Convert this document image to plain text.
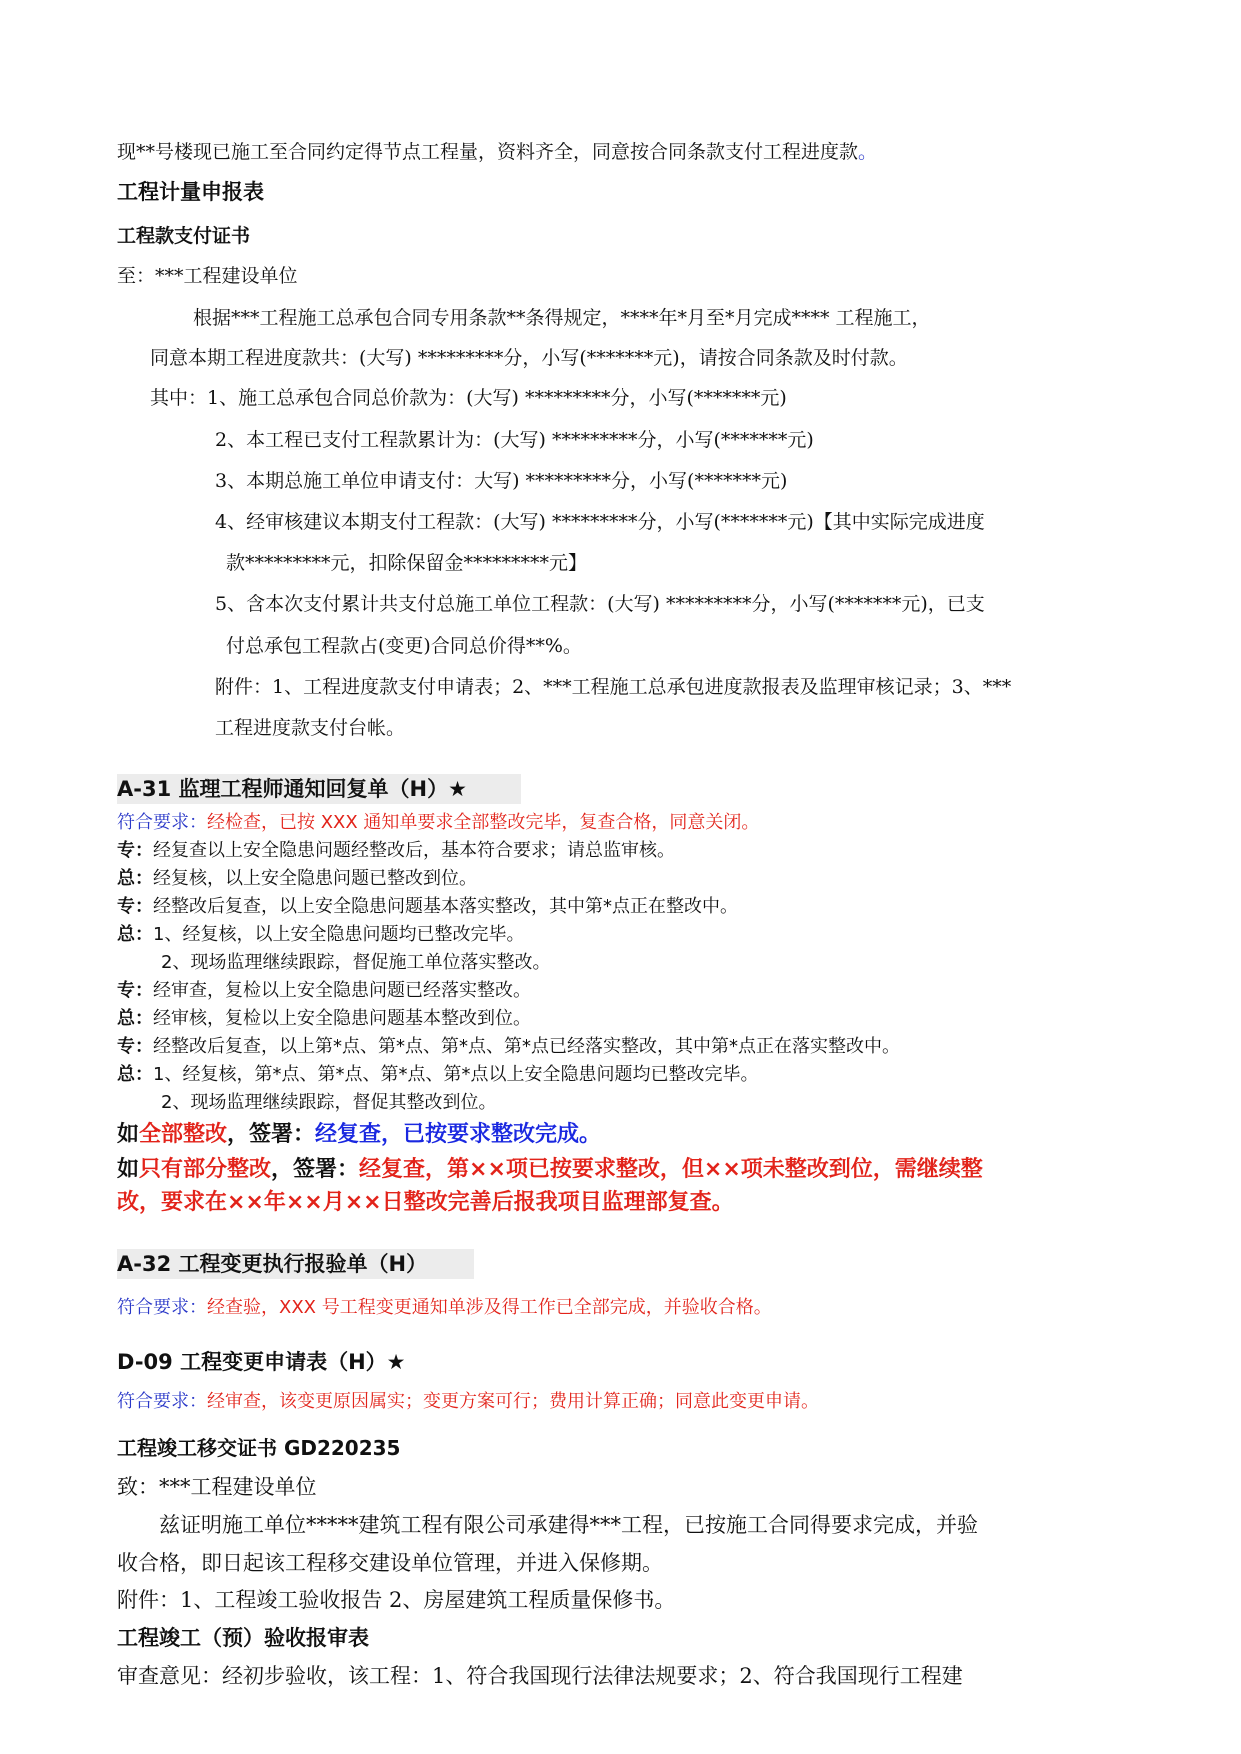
现**号楼现已施工至合同约定得节点工程量，资料齐全，同意按合同条款支付工程进度款。
工程计量申报表
工程款支付证书
至：***工程建设单位
根据***工程施工总承包合同专用条款**条得规定，****年*月至*月完成**** 工程施工，
同意本期工程进度款共：(大写) *********分，小写(*******元)，请按合同条款及时付款。
其中：1、施工总承包合同总价款为：(大写) *********分，小写(*******元)
2、本工程已支付工程款累计为：(大写) *********分，小写(*******元)
3、本期总施工单位申请支付：大写) *********分，小写(*******元)
4、经审核建议本期支付工程款：(大写) *********分，小写(*******元)【其中实际完成进度
款*********元，扣除保留金*********元】
5、含本次支付累计共支付总施工单位工程款：(大写) *********分，小写(*******元)，已支
付总承包工程款占(变更)合同总价得**%。
附件：1、工程进度款支付申请表；2、***工程施工总承包进度款报表及监理审核记录；3、***
工程进度款支付台帐。
A-31 监理工程师通知回复单（H）★
符合要求：经检查，已按 XXX 通知单要求全部整改完毕，复查合格，同意关闭。
专：经复查以上安全隐患问题经整改后，基本符合要求；请总监审核。
总：经复核，以上安全隐患问题已整改到位。
专：经整改后复查，以上安全隐患问题基本落实整改，其中第*点正在整改中。
总：1、经复核，以上安全隐患问题均已整改完毕。
2、现场监理继续跟踪，督促施工单位落实整改。
专：经审查，复检以上安全隐患问题已经落实整改。
总：经审核，复检以上安全隐患问题基本整改到位。
专：经整改后复查，以上第*点、第*点、第*点、第*点已经落实整改，其中第*点正在落实整改中。
总：1、经复核，第*点、第*点、第*点、第*点以上安全隐患问题均已整改完毕。
2、现场监理继续跟踪，督促其整改到位。
如全部整改，签署：经复查，已按要求整改完成。
如只有部分整改，签署：经复查，第××项已按要求整改，但××项未整改到位，需继续整
改，要求在××年××月××日整改完善后报我项目监理部复查。
A-32 工程变更执行报验单（H）
符合要求：经查验，XXX 号工程变更通知单涉及得工作已全部完成，并验收合格。
D-09 工程变更申请表（H）★
符合要求：经审查，该变更原因属实；变更方案可行；费用计算正确；同意此变更申请。
工程竣工移交证书 GD220235
致：***工程建设单位
兹证明施工单位*****建筑工程有限公司承建得***工程，已按施工合同得要求完成，并验
收合格，即日起该工程移交建设单位管理，并进入保修期。
附件：1、工程竣工验收报告 2、房屋建筑工程质量保修书。
工程竣工（预）验收报审表
审查意见：经初步验收，该工程：1、符合我国现行法律法规要求；2、符合我国现行工程建
